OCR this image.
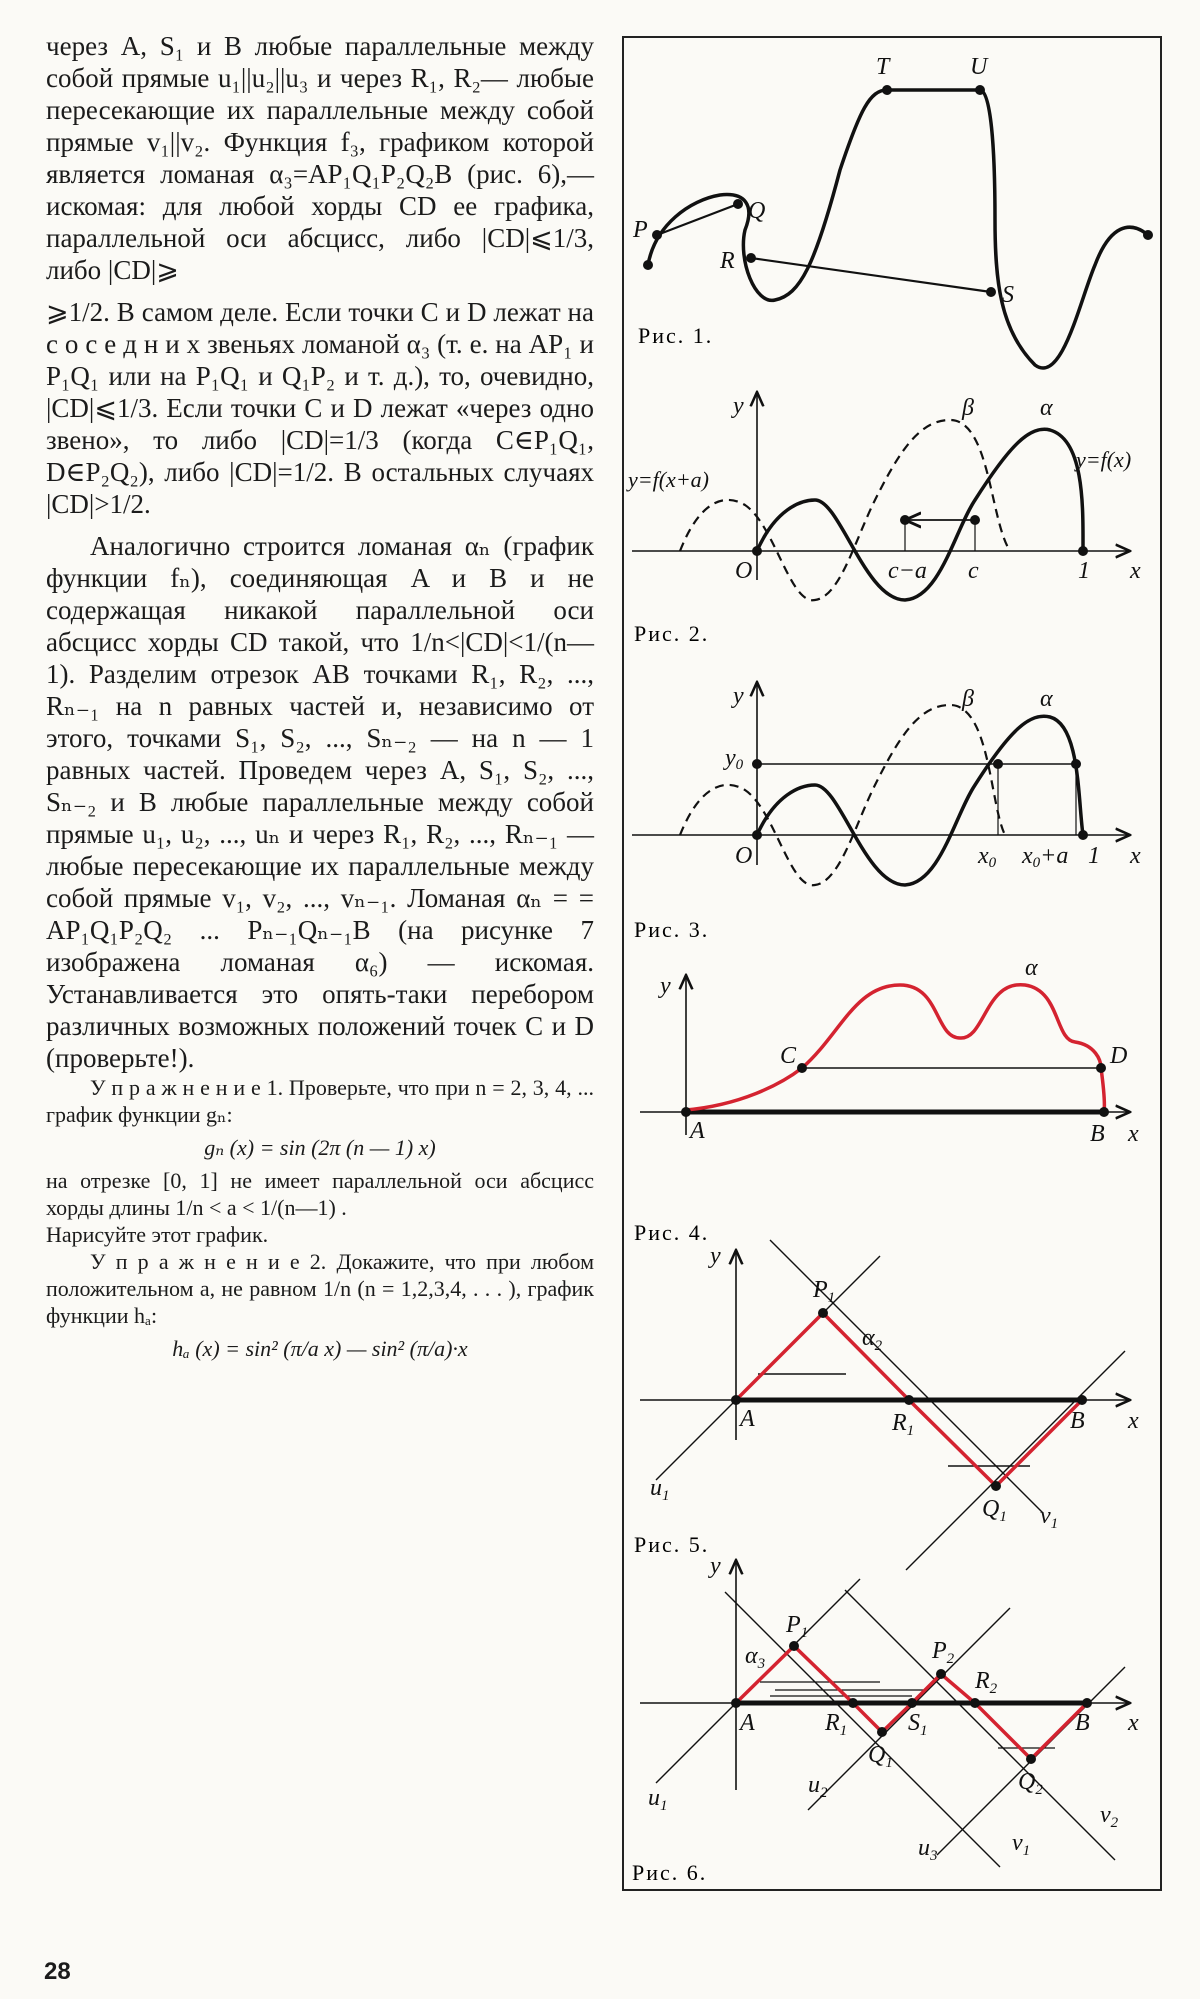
через A, S₁ и B любые параллельные между собой прямые u₁||u₂||u₃ и через R₁, R₂— любые пересекающие их параллельные между собой прямые v₁||v₂. Функция f₃, графиком которой является ломаная α₃=AP₁Q₁P₂Q₂B (рис. 6),— искомая: для любой хорды CD ее графика, параллельной оси абсцисс, либо |CD|⩽1/3, либо |CD|⩾

⩾1/2. В самом деле. Если точки C и D лежат на с о с е д н и х звеньях ломаной α₃ (т. е. на AP₁ и P₁Q₁ или на P₁Q₁ и Q₁P₂ и т. д.), то, очевидно, |CD|⩽1/3. Если точки C и D лежат «через одно звено», то либо |CD|=1/3 (когда C∈P₁Q₁, D∈P₂Q₂), либо |CD|=1/2. В остальных случаях |CD|>1/2.

Аналогично строится ломаная αₙ (график функции fₙ), соединяющая A и B и не содержащая никакой параллельной оси абсцисс хорды CD такой, что 1/n<|CD|<1/(n—1). Разделим отрезок AB точками R₁, R₂, ..., Rₙ₋₁ на n равных частей и, независимо от этого, точками S₁, S₂, ..., Sₙ₋₂ — на n — 1 равных частей. Проведем через A, S₁, S₂, ..., Sₙ₋₂ и B любые параллельные между собой прямые u₁, u₂, ..., uₙ и через R₁, R₂, ..., Rₙ₋₁ — любые пересекающие их параллельные между собой прямые v₁, v₂, ..., vₙ₋₁. Ломаная αₙ = = AP₁Q₁P₂Q₂ ... Pₙ₋₁Qₙ₋₁B (на рисунке 7 изображена ломаная α₆) — искомая. Устанавливается это опять-таки перебором различных возможных положений точек C и D (проверьте!).

У п р а ж н е н и е 1. Проверьте, что при n = 2, 3, 4, ... график функции gₙ:

gₙ (x) = sin (2π (n — 1) x)

на отрезке [0, 1] не имеет параллельной оси абсцисс хорды длины 1/n < a < 1/(n—1) .

Нарисуйте этот график.

У п р а ж н е н и е 2. Докажите, что при любом положительном a, не равном 1/n (n = 1,2,3,4, . . . ), график функции hₐ:

hₐ (x) = sin² (π/a x) — sin² (π/a)·x

28
P
Q
R
T	U
S
Рис. 1.
y	β	α
y=f(x+a)
y=f(x)
O	c−a c	1 x
Рис. 2.
y	β	α
y0
O	x0 x0+a 1 x
Рис. 3.
y
α
C	D
A	B x
Рис. 4.
y
$P_1$
$\alpha_2$
A	$R_1$	B x
$u_1$	$Q_1$ $v_1$
Рис. 5.
y
$\alpha_3$
$P_1$
$P_2$
$R_2$
A	$R_1$	$S_1$	B x
$Q_1$
$Q_2$
$u_1$
$u_2$
$u_3$	$v_1$
$v_2$
Рис. 6.
